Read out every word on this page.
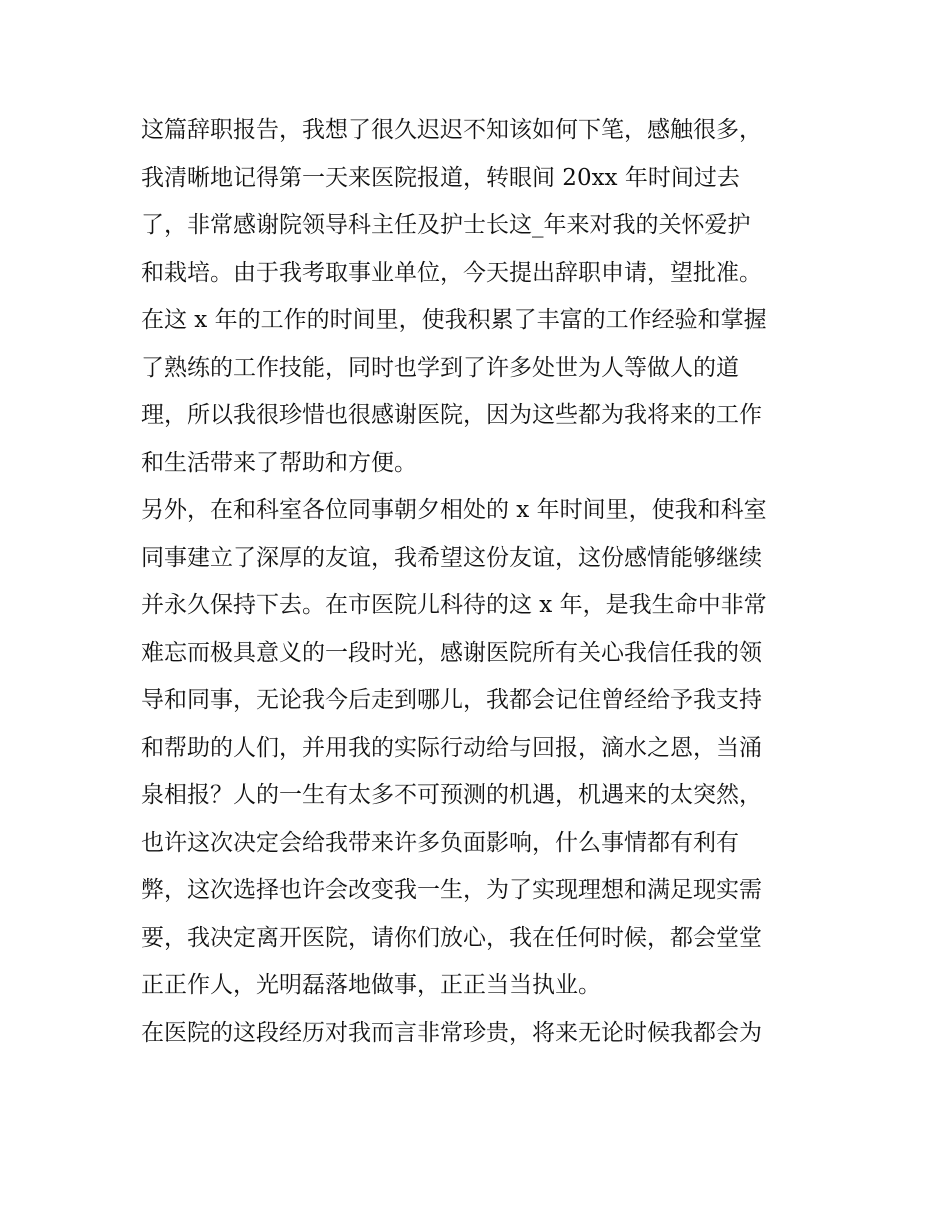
这篇辞职报告，我想了很久迟迟不知该如何下笔，感触很多，
我清晰地记得第一天来医院报道，转眼间 20xx 年时间过去
了，非常感谢院领导科主任及护士长这_年来对我的关怀爱护
和栽培。由于我考取事业单位，今天提出辞职申请，望批准。
在这 x 年的工作的时间里，使我积累了丰富的工作经验和掌握
了熟练的工作技能，同时也学到了许多处世为人等做人的道
理，所以我很珍惜也很感谢医院，因为这些都为我将来的工作
和生活带来了帮助和方便。
另外，在和科室各位同事朝夕相处的 x 年时间里，使我和科室
同事建立了深厚的友谊，我希望这份友谊，这份感情能够继续
并永久保持下去。在市医院儿科待的这 x 年，是我生命中非常
难忘而极具意义的一段时光，感谢医院所有关心我信任我的领
导和同事，无论我今后走到哪儿，我都会记住曾经给予我支持
和帮助的人们，并用我的实际行动给与回报，滴水之恩，当涌
泉相报？人的一生有太多不可预测的机遇，机遇来的太突然，
也许这次决定会给我带来许多负面影响，什么事情都有利有
弊，这次选择也许会改变我一生，为了实现理想和满足现实需
要，我决定离开医院，请你们放心，我在任何时候，都会堂堂
正正作人，光明磊落地做事，正正当当执业。
在医院的这段经历对我而言非常珍贵，将来无论时候我都会为
